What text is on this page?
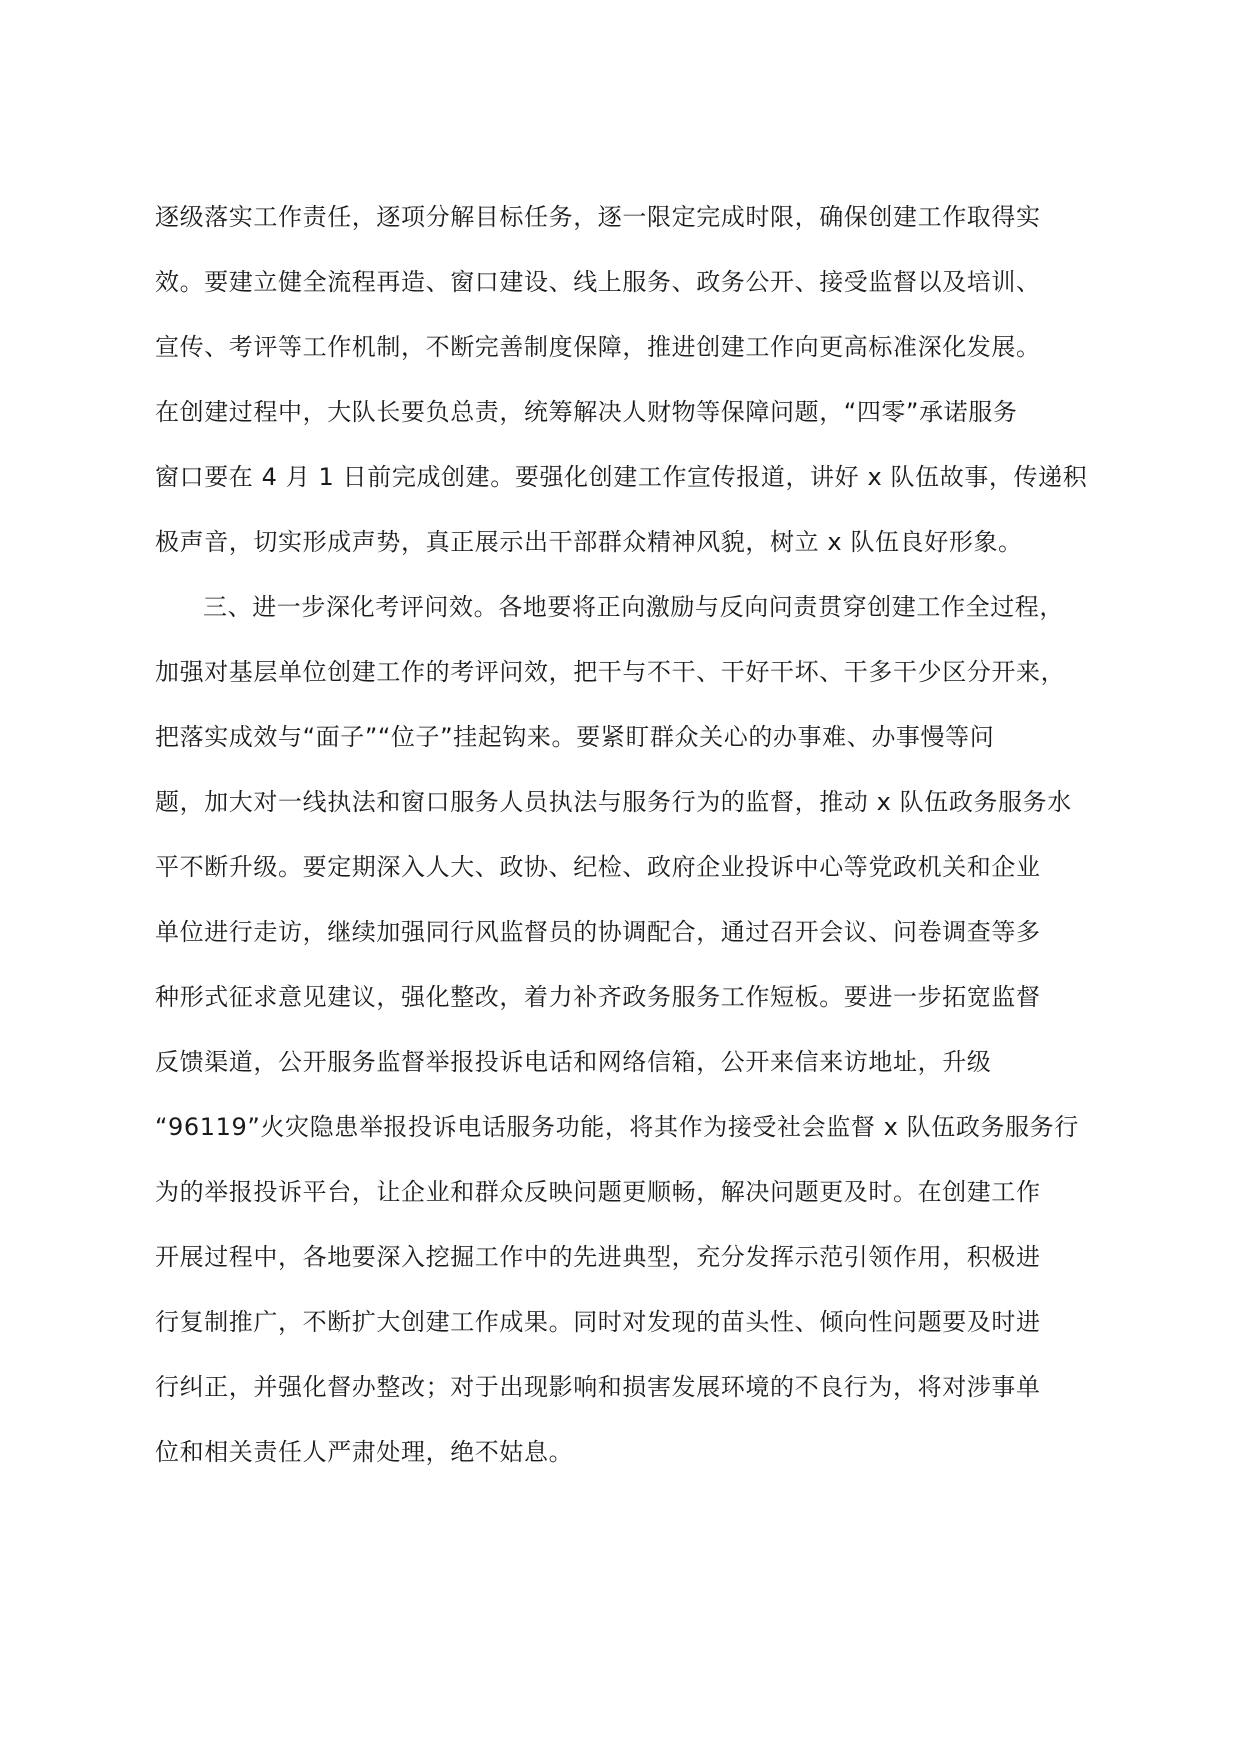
逐级落实工作责任，逐项分解目标任务，逐一限定完成时限，确保创建工作取得实
效。要建立健全流程再造、窗口建设、线上服务、政务公开、接受监督以及培训、
宣传、考评等工作机制，不断完善制度保障，推进创建工作向更高标准深化发展。
在创建过程中，大队长要负总责，统筹解决人财物等保障问题，“四零”承诺服务
窗口要在 4 月 1 日前完成创建。要强化创建工作宣传报道，讲好 x 队伍故事，传递积
极声音，切实形成声势，真正展示出干部群众精神风貌，树立 x 队伍良好形象。
三、进一步深化考评问效。各地要将正向激励与反向问责贯穿创建工作全过程，
加强对基层单位创建工作的考评问效，把干与不干、干好干坏、干多干少区分开来，
把落实成效与“面子”“位子”挂起钩来。要紧盯群众关心的办事难、办事慢等问
题，加大对一线执法和窗口服务人员执法与服务行为的监督，推动 x 队伍政务服务水
平不断升级。要定期深入人大、政协、纪检、政府企业投诉中心等党政机关和企业
单位进行走访，继续加强同行风监督员的协调配合，通过召开会议、问卷调查等多
种形式征求意见建议，强化整改，着力补齐政务服务工作短板。要进一步拓宽监督
反馈渠道，公开服务监督举报投诉电话和网络信箱，公开来信来访地址，升级
“96119”火灾隐患举报投诉电话服务功能，将其作为接受社会监督 x 队伍政务服务行
为的举报投诉平台，让企业和群众反映问题更顺畅，解决问题更及时。在创建工作
开展过程中，各地要深入挖掘工作中的先进典型，充分发挥示范引领作用，积极进
行复制推广，不断扩大创建工作成果。同时对发现的苗头性、倾向性问题要及时进
行纠正，并强化督办整改；对于出现影响和损害发展环境的不良行为，将对涉事单
位和相关责任人严肃处理，绝不姑息。
